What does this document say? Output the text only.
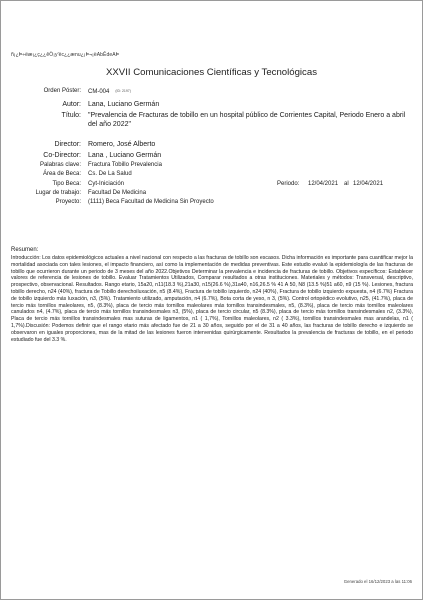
ñ¡¿Þ÷ëæ¡¿ç¿¿êÖ¡y'ëc¿¿ænu¿¡Þ¬¡ëAbÊdeAÞ
XXVII Comunicaciones Científicas y Tecnológicas
Orden Póster: CM-004 (ID: 2197)
Autor: Lana, Luciano Germán
Título: "Prevalencia de Fracturas de tobillo en un hospital público de Corrientes Capital, Periodo Enero a abril del año 2022"
Director: Romero, José Alberto
Co-Director: Lana , Luciano Germán
Palabras clave: Fractura Tobillo Prevalencia
Área de Beca: Cs. De La Salud
Tipo Beca: Cyt-Iniciación	Periodo: 12/04/2021 al 12/04/2021
Lugar de trabajo: Facultad De Medicina
Proyecto: (1111) Beca Facultad de Medicina Sin Proyecto
Resumen:
Introducción: Los datos epidemiológicos actuales a nivel nacional con respecto a las fracturas de tobillo son escasos. Dicha información es importante para cuantificar mejor la mortalidad asociada con tales lesiones, el impacto financiero, así como la implementación de medidas preventivas. Este estudio evaluó la epidemiología de las fracturas de tobillo que ocurrieron durante un periodo de 3 meses del año 2022.Objetivos Determinar la prevalencia e incidencia de fracturas de tobillo. Objetivos específicos: Establecer valores de referencia de lesiones de tobillo. Evaluar Tratamientos Utilizados, Comparar resultados a otras instituciones. Materiales y métodos: Transversal, descriptivo, prospectivo, observacional. Resultados. Rango etario, 15a20, n11(18.3 %),21a30, n15(26.6 %),31a40, n16,26.5 % 41 A 50, N8 (13.5 %)51 a60, n9 (15 %). Lesiones, fractura tobillo derecho, n24 (40%), fractura de Tobillo derechoiluxación, n5 (8.4%), Fractura de tobillo izquierdo, n24 (40%), Fractura de tobillo izquierdo expuesta, n4 (6.7%) Fractura de tobillo izquierdo más luxación, n3, (5%). Tratamiento utilizado, amputación, n4 (6.7%), Bota corta de yeso, n 3, (5%). Control ortopédico evolutivo, n25, (41.7%), placa de tercio más tornillos maleolares, n5, (8.3%), placa de tercio más tornillos maleolares más tornillos transindesmales, n5, (8.3%), placa de tercio más tornillos maleolares canulados n4, (4.7%), placa de tercio más tornillos transindesmales n3, (5%), placa de tercio circular, n5 (8.3%), placa de tercio más tornillos transindesmales n2, (3.3%), Placa de tercio más tornillos transindesmales mas suturas de ligamentos, n1 ( 1,7%), Tornillos maleolares, n2 ( 3.3%), tornillos transindesmales mas arandelas, n1 ( 1,7%).Discusión: Podemos definir que el rango etario más afectado fue de 21 a 30 años, seguido por el de 31 a 40 años, las fracturas de tobillo derecho e izquierdo se observaron en iguales proporciones, mas de la mitad de las lesiones fueron intervenidas quirúrgicamente. Resultados la prevalencia de fracturas de tobillo, en el periodo estudiado fue del 3.3 %.
Generado el 16/12/2023 a las 11:06
